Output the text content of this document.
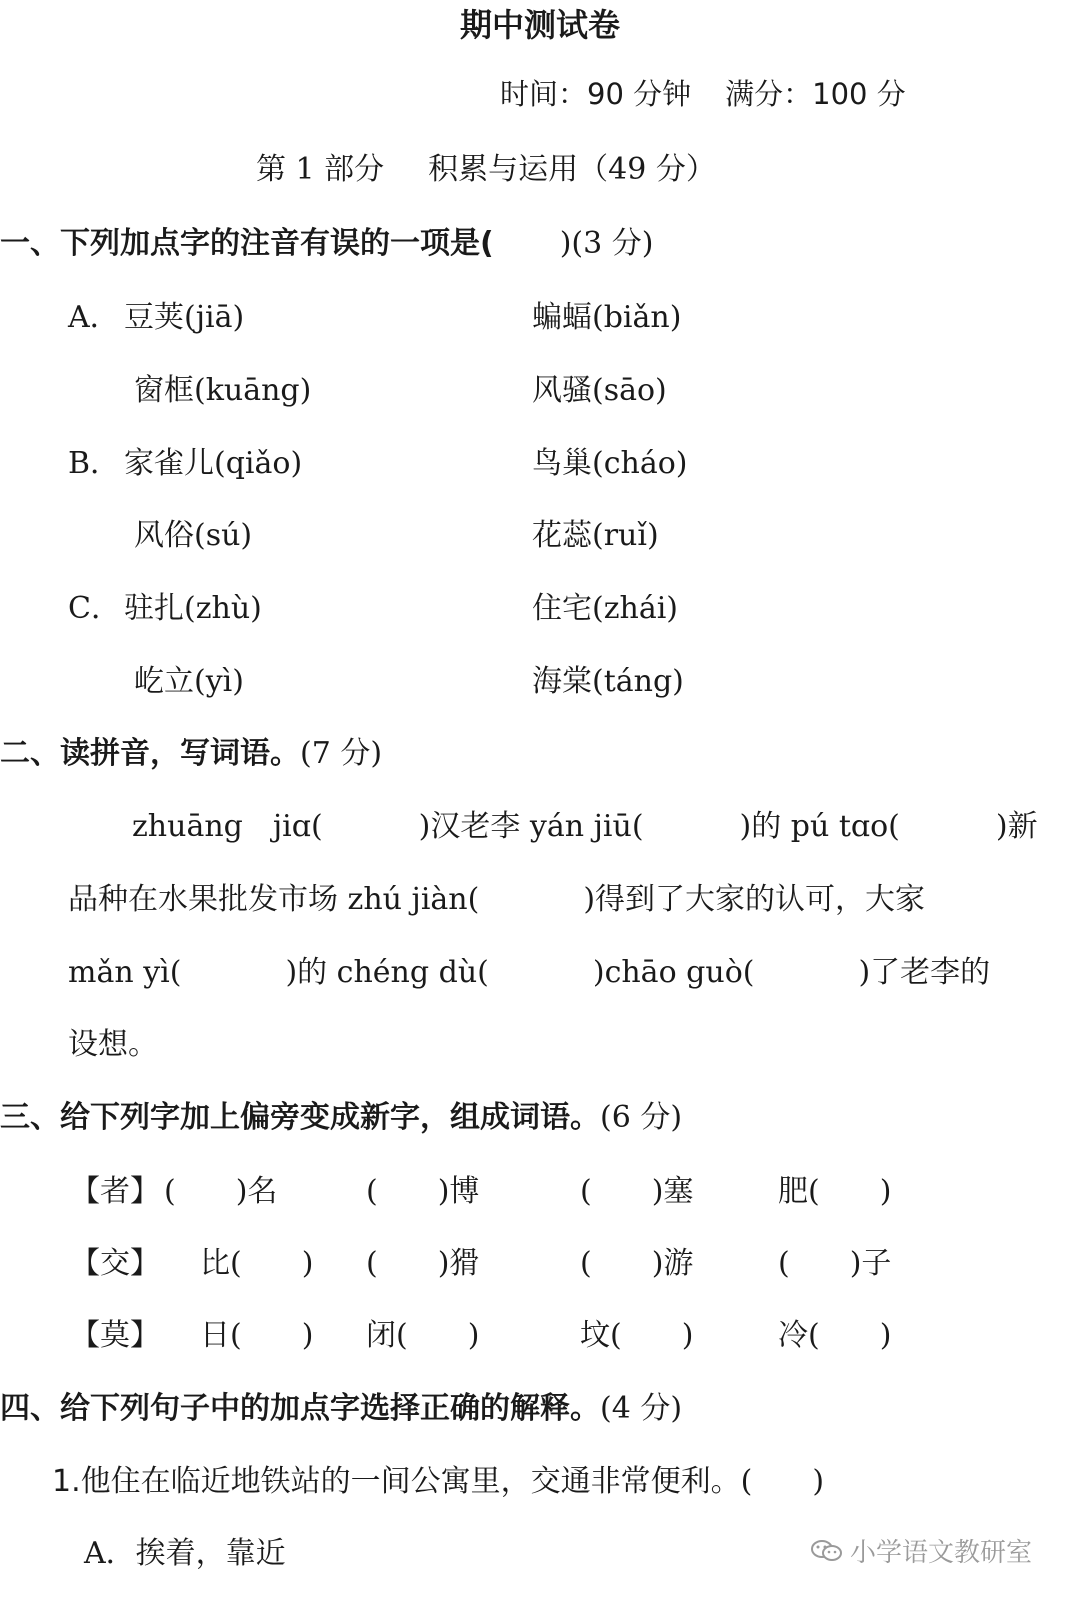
期中测试卷
时间：90 分钟 满分：100 分
第 1 部分 积累与运用（49 分）
一、下列加点字的注音有误的一项是( )(3 分)
A． 豆荚(jiā)	蝙蝠(biǎn)
窗框(kuāng)	风骚(sāo)
B． 家雀儿(qiǎo)	鸟巢(cháo)
风俗(sú)	花蕊(ruǐ)
C． 驻扎(zhù)	住宅(zhái)
屹立(yì)	海棠(táng)
二、读拼音，写词语。(7 分)
zhuāng　jiɑ(	)汉老李 yán jiū(	)的 pú tɑo(	)新
品种在水果批发市场 zhú jiàn(	)得到了大家的认可，大家
mǎn yì(	)的 chéng dù(	)chāo guò(	)了老李的
设想。
三、给下列字加上偏旁变成新字，组成词语。(6 分)
【者】 (　　)名	(　　)博	(　　)塞	肥(　　)
【交】 比(　　) (　　)猾	(　　)游	(　　)子
【莫】 日(　　) 闭(　　)	坟(　　)	冷(　　)
四、给下列句子中的加点字选择正确的解释。(4 分)
1.他住在临近地铁站的一间公寓里，交通非常便利。(　　)
A．挨着，靠近	小学语文教研室
